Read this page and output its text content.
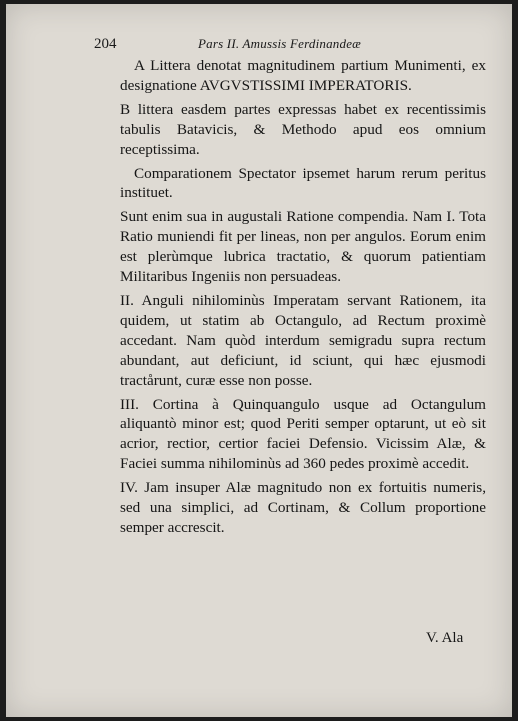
204	Pars II. Amussis Ferdinandeæ

A Littera denotat magnitudinem partium Munimenti, ex designatione AVGVSTISSIMI IMPERATORIS.

B littera easdem partes expressas habet ex recentissimis tabulis Batavicis, & Methodo apud eos omnium receptissima.

Comparationem Spectator ipsemet harum rerum peritus instituet.

Sunt enim sua in augustali Ratione compendia. Nam I. Tota Ratio muniendi fit per lineas, non per angulos. Eorum enim est plerùmque lubrica tractatio, & quorum patientiam Militaribus Ingeniis non persuadeas.

II. Anguli nihilominùs Imperatam servant Rationem, ita quidem, ut statim ab Octangulo, ad Rectum proximè accedant. Nam quòd interdum semigradu supra rectum abundant, aut deficiunt, id sciunt, qui hæc ejusmodi tractårunt, curæ esse non posse.

III. Cortina à Quinquangulo usque ad Octangulum aliquantò minor est; quod Periti semper optarunt, ut eò sit acrior, rectior, certior faciei Defensio. Vicissim Alæ, & Faciei summa nihilominùs ad 360 pedes proximè accedit.

IV. Jam insuper Alæ magnitudo non ex fortuitis numeris, sed una simplici, ad Cortinam, & Collum proportione semper accrescit.

V. Ala
